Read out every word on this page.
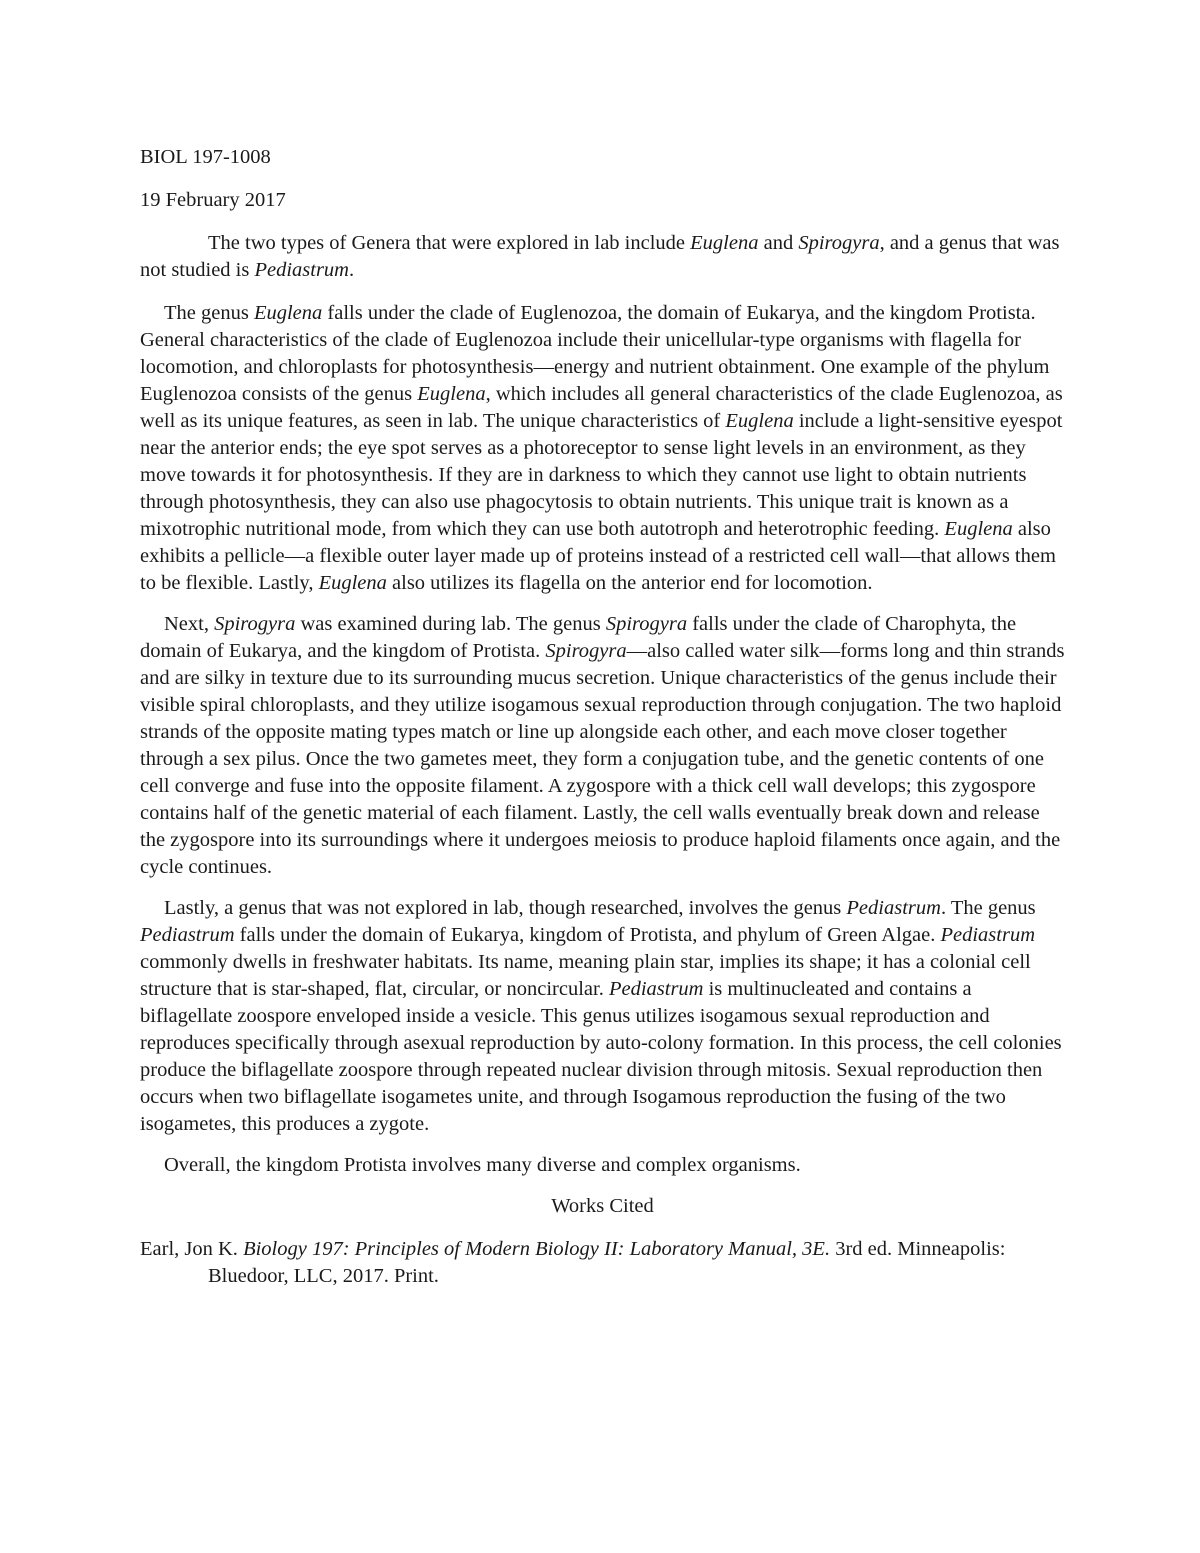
BIOL 197-1008

19 February 2017

The two types of Genera that were explored in lab include Euglena and Spirogyra, and a genus that was not studied is Pediastrum.

The genus Euglena falls under the clade of Euglenozoa, the domain of Eukarya, and the kingdom Protista. General characteristics of the clade of Euglenozoa include their unicellular-type organisms with flagella for locomotion, and chloroplasts for photosynthesis—energy and nutrient obtainment. One example of the phylum Euglenozoa consists of the genus Euglena, which includes all general characteristics of the clade Euglenozoa, as well as its unique features, as seen in lab. The unique characteristics of Euglena include a light-sensitive eyespot near the anterior ends; the eye spot serves as a photoreceptor to sense light levels in an environment, as they move towards it for photosynthesis. If they are in darkness to which they cannot use light to obtain nutrients through photosynthesis, they can also use phagocytosis to obtain nutrients. This unique trait is known as a mixotrophic nutritional mode, from which they can use both autotroph and heterotrophic feeding. Euglena also exhibits a pellicle—a flexible outer layer made up of proteins instead of a restricted cell wall—that allows them to be flexible. Lastly, Euglena also utilizes its flagella on the anterior end for locomotion.

Next, Spirogyra was examined during lab. The genus Spirogyra falls under the clade of Charophyta, the domain of Eukarya, and the kingdom of Protista. Spirogyra—also called water silk—forms long and thin strands and are silky in texture due to its surrounding mucus secretion. Unique characteristics of the genus include their visible spiral chloroplasts, and they utilize isogamous sexual reproduction through conjugation. The two haploid strands of the opposite mating types match or line up alongside each other, and each move closer together through a sex pilus. Once the two gametes meet, they form a conjugation tube, and the genetic contents of one cell converge and fuse into the opposite filament. A zygospore with a thick cell wall develops; this zygospore contains half of the genetic material of each filament. Lastly, the cell walls eventually break down and release the zygospore into its surroundings where it undergoes meiosis to produce haploid filaments once again, and the cycle continues.

Lastly, a genus that was not explored in lab, though researched, involves the genus Pediastrum. The genus Pediastrum falls under the domain of Eukarya, kingdom of Protista, and phylum of Green Algae. Pediastrum commonly dwells in freshwater habitats. Its name, meaning plain star, implies its shape; it has a colonial cell structure that is star-shaped, flat, circular, or noncircular. Pediastrum is multinucleated and contains a biflagellate zoospore enveloped inside a vesicle. This genus utilizes isogamous sexual reproduction and reproduces specifically through asexual reproduction by auto-colony formation. In this process, the cell colonies produce the biflagellate zoospore through repeated nuclear division through mitosis. Sexual reproduction then occurs when two biflagellate isogametes unite, and through Isogamous reproduction the fusing of the two isogametes, this produces a zygote.

Overall, the kingdom Protista involves many diverse and complex organisms.

Works Cited

Earl, Jon K. Biology 197: Principles of Modern Biology II: Laboratory Manual, 3E. 3rd ed. Minneapolis: Bluedoor, LLC, 2017. Print.
